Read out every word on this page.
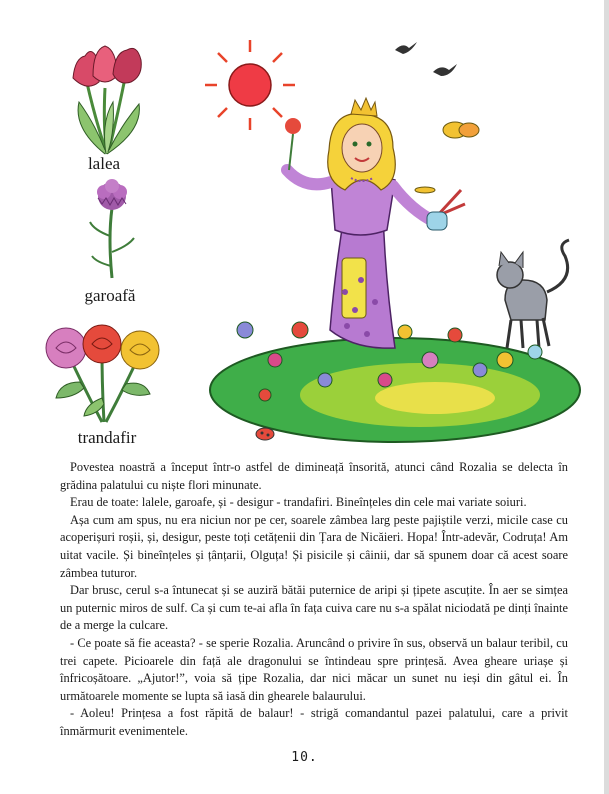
lalea
garoafă
trandafir

Povestea noastră a început într-o astfel de dimineață însorită, atunci când Rozalia se delecta în grădina palatului cu niște flori minunate.

Erau de toate: lalele, garoafe, și - desigur - trandafiri. Bineînțeles din cele mai variate soiuri.

Așa cum am spus, nu era niciun nor pe cer, soarele zâmbea larg peste pajiștile verzi, micile case cu acoperișuri roșii, și, desigur, peste toți cetățenii din Țara de Nicăieri. Hopa! Într-adevăr, Codruța! Am uitat vacile. Și bineînțeles și țânțarii, Olguța! Și pisicile și câinii, dar să spunem doar că acest soare zâmbea tuturor.

Dar brusc, cerul s-a întunecat și se auziră bătăi puternice de aripi și țipete ascuțite. În aer se simțea un puternic miros de sulf. Ca și cum te-ai afla în fața cuiva care nu s-a spălat niciodată pe dinți înainte de a merge la culcare.

- Ce poate să fie aceasta? - se sperie Rozalia. Aruncând o privire în sus, observă un balaur teribil, cu trei capete. Picioarele din față ale dragonului se întindeau spre prințesă. Avea gheare uriașe și înfricoșătoare. „Ajutor!”, voia să țipe Rozalia, dar nici măcar un sunet nu ieși din gâtul ei. În următoarele momente se lupta să iasă din ghearele balaurului.

- Aoleu! Prințesa a fost răpită de balaur! - strigă comandantul pazei palatului, care a privit înmărmurit evenimentele.

10.
